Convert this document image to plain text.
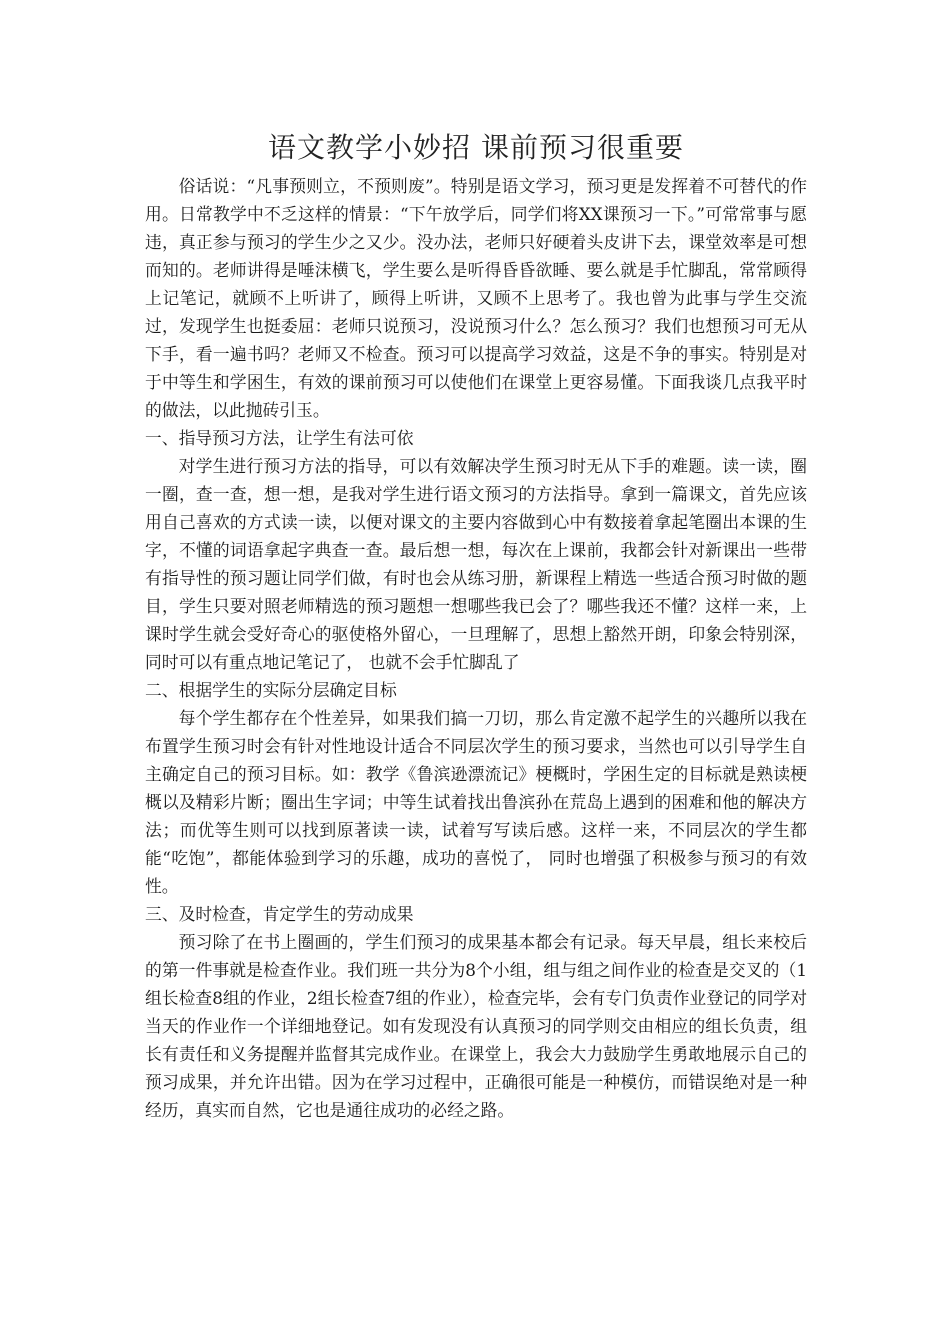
语文教学小妙招 课前预习很重要

俗话说：“凡事预则立，不预则废”。特别是语文学习，预习更是发挥着不可替代的作用。日常教学中不乏这样的情景：“下午放学后，同学们将XX课预习一下。”可常常事与愿违，真正参与预习的学生少之又少。没办法，老师只好硬着头皮讲下去，课堂效率是可想而知的。老师讲得是唾沫横飞，学生要么是听得昏昏欲睡、要么就是手忙脚乱，常常顾得上记笔记，就顾不上听讲了，顾得上听讲，又顾不上思考了。我也曾为此事与学生交流过，发现学生也挺委屈：老师只说预习，没说预习什么？怎么预习？我们也想预习可无从下手，看一遍书吗？老师又不检查。预习可以提高学习效益，这是不争的事实。特别是对于中等生和学困生，有效的课前预习可以使他们在课堂上更容易懂。下面我谈几点我平时的做法，以此抛砖引玉。

一、指导预习方法，让学生有法可依

对学生进行预习方法的指导，可以有效解决学生预习时无从下手的难题。读一读，圈一圈，查一查，想一想，是我对学生进行语文预习的方法指导。拿到一篇课文，首先应该用自己喜欢的方式读一读，以便对课文的主要内容做到心中有数接着拿起笔圈出本课的生字，不懂的词语拿起字典查一查。最后想一想，每次在上课前，我都会针对新课出一些带有指导性的预习题让同学们做，有时也会从练习册，新课程上精选一些适合预习时做的题目，学生只要对照老师精选的预习题想一想哪些我已会了？哪些我还不懂？这样一来，上课时学生就会受好奇心的驱使格外留心，一旦理解了，思想上豁然开朗，印象会特别深，同时可以有重点地记笔记了， 也就不会手忙脚乱了

二、根据学生的实际分层确定目标

每个学生都存在个性差异，如果我们搞一刀切，那么肯定激不起学生的兴趣所以我在布置学生预习时会有针对性地设计适合不同层次学生的预习要求，当然也可以引导学生自主确定自己的预习目标。如：教学《鲁滨逊漂流记》梗概时，学困生定的目标就是熟读梗概以及精彩片断；圈出生字词；中等生试着找出鲁滨孙在荒岛上遇到的困难和他的解决方法；而优等生则可以找到原著读一读，试着写写读后感。这样一来，不同层次的学生都能“吃饱”，都能体验到学习的乐趣，成功的喜悦了， 同时也增强了积极参与预习的有效性。

三、及时检查，肯定学生的劳动成果

预习除了在书上圈画的，学生们预习的成果基本都会有记录。每天早晨，组长来校后的第一件事就是检查作业。我们班一共分为8个小组，组与组之间作业的检查是交叉的（1组长检查8组的作业，2组长检查7组的作业），检查完毕，会有专门负责作业登记的同学对当天的作业作一个详细地登记。如有发现没有认真预习的同学则交由相应的组长负责，组长有责任和义务提醒并监督其完成作业。在课堂上，我会大力鼓励学生勇敢地展示自己的预习成果，并允许出错。因为在学习过程中，正确很可能是一种模仿，而错误绝对是一种经历，真实而自然，它也是通往成功的必经之路。
